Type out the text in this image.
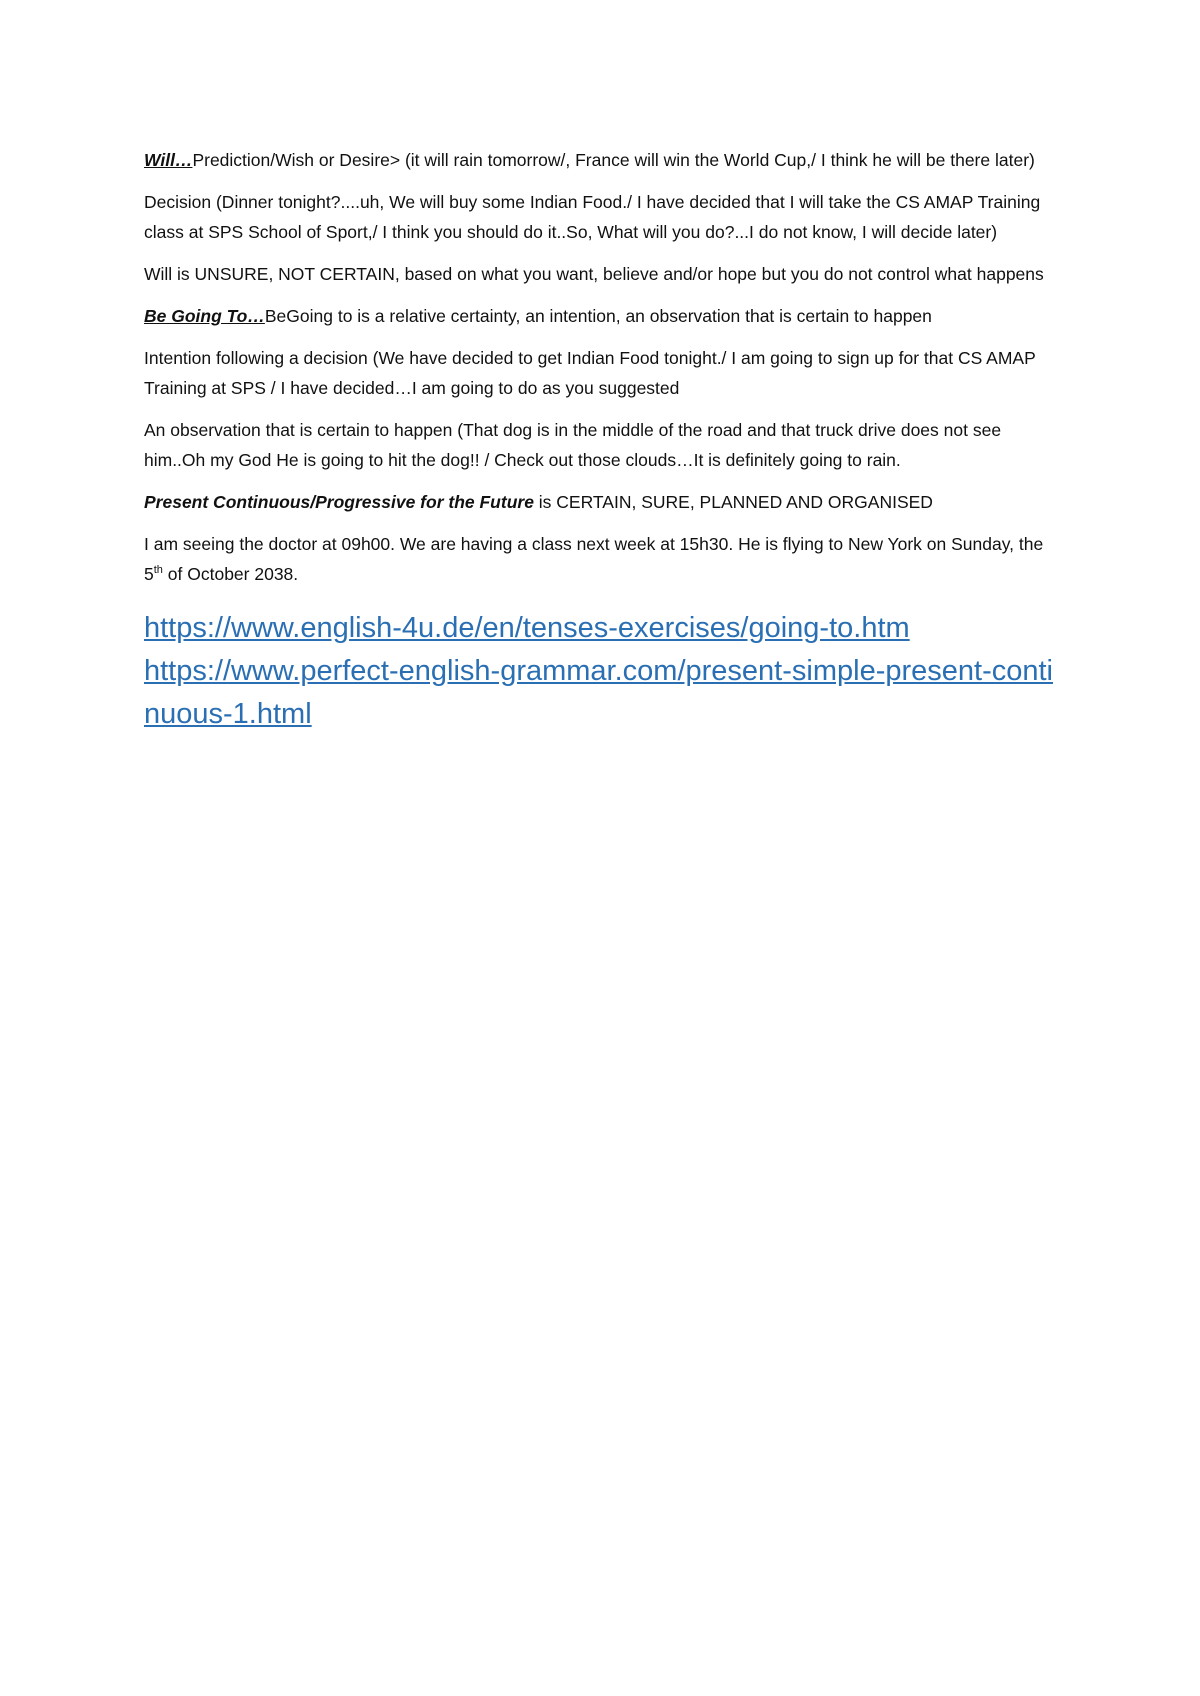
Will…Prediction/Wish or Desire> (it will rain tomorrow/, France will win the World Cup,/ I think he will be there later)

Decision (Dinner tonight?....uh, We will buy some Indian Food./ I have decided that I will take the CS AMAP Training class at SPS School of Sport,/ I think you should do it..So, What will you do?...I do not know, I will decide later)

Will is UNSURE, NOT CERTAIN, based on what you want, believe and/or hope but you do not control what happens

Be Going To…BeGoing to is a relative certainty, an intention, an observation that is certain to happen

Intention following a decision (We have decided to get Indian Food tonight./ I am going to sign up for that CS AMAP Training at SPS / I have decided…I am going to do as you suggested

An observation that is certain to happen (That dog is in the middle of the road and that truck drive does not see him..Oh my God He is going to hit the dog!! / Check out those clouds…It is definitely going to rain.

Present Continuous/Progressive for the Future is CERTAIN, SURE, PLANNED AND ORGANISED

I am seeing the doctor at 09h00. We are having a class next week at 15h30. He is flying to New York on Sunday, the 5th of October 2038.

https://www.english-4u.de/en/tenses-exercises/going-to.htm
https://www.perfect-english-grammar.com/present-simple-present-continuous-1.html
